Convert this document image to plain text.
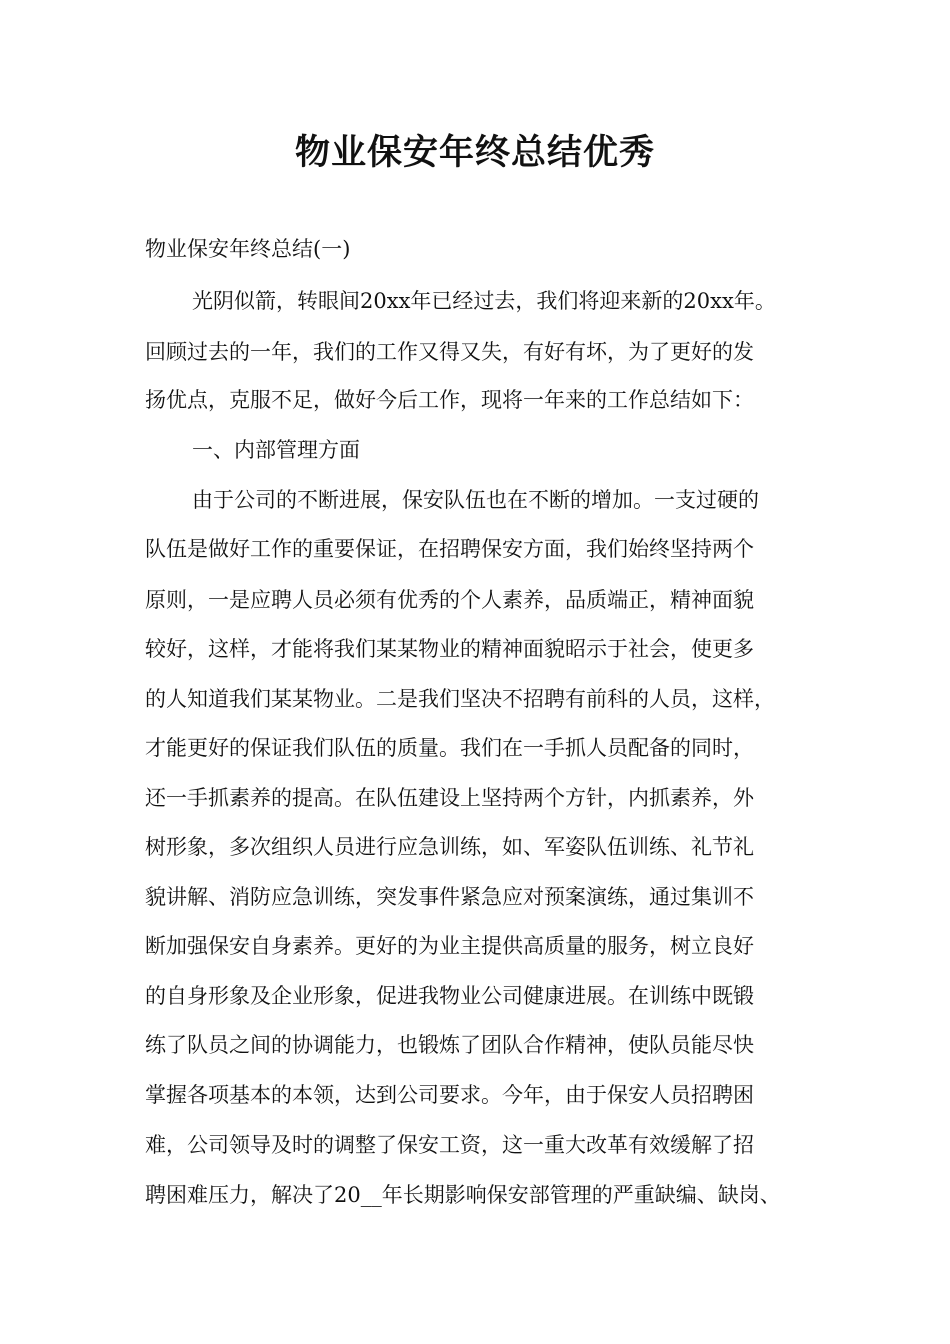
物业保安年终总结优秀

物业保安年终总结(一)

光阴似箭，转眼间20xx年已经过去，我们将迎来新的20xx年。

回顾过去的一年，我们的工作又得又失，有好有坏，为了更好的发

扬优点，克服不足，做好今后工作，现将一年来的工作总结如下：

一、内部管理方面

由于公司的不断进展，保安队伍也在不断的增加。一支过硬的

队伍是做好工作的重要保证，在招聘保安方面，我们始终坚持两个

原则，一是应聘人员必须有优秀的个人素养，品质端正，精神面貌

较好，这样，才能将我们某某物业的精神面貌昭示于社会，使更多

的人知道我们某某物业。二是我们坚决不招聘有前科的人员，这样，

才能更好的保证我们队伍的质量。我们在一手抓人员配备的同时，

还一手抓素养的提高。在队伍建设上坚持两个方针，内抓素养，外

树形象，多次组织人员进行应急训练，如、军姿队伍训练、礼节礼

貌讲解、消防应急训练，突发事件紧急应对预案演练，通过集训不

断加强保安自身素养。更好的为业主提供高质量的服务，树立良好

的自身形象及企业形象，促进我物业公司健康进展。在训练中既锻

练了队员之间的协调能力，也锻炼了团队合作精神，使队员能尽快

掌握各项基本的本领，达到公司要求。今年，由于保安人员招聘困

难，公司领导及时的调整了保安工资，这一重大改革有效缓解了招

聘困难压力，解决了20__年长期影响保安部管理的严重缺编、缺岗、
